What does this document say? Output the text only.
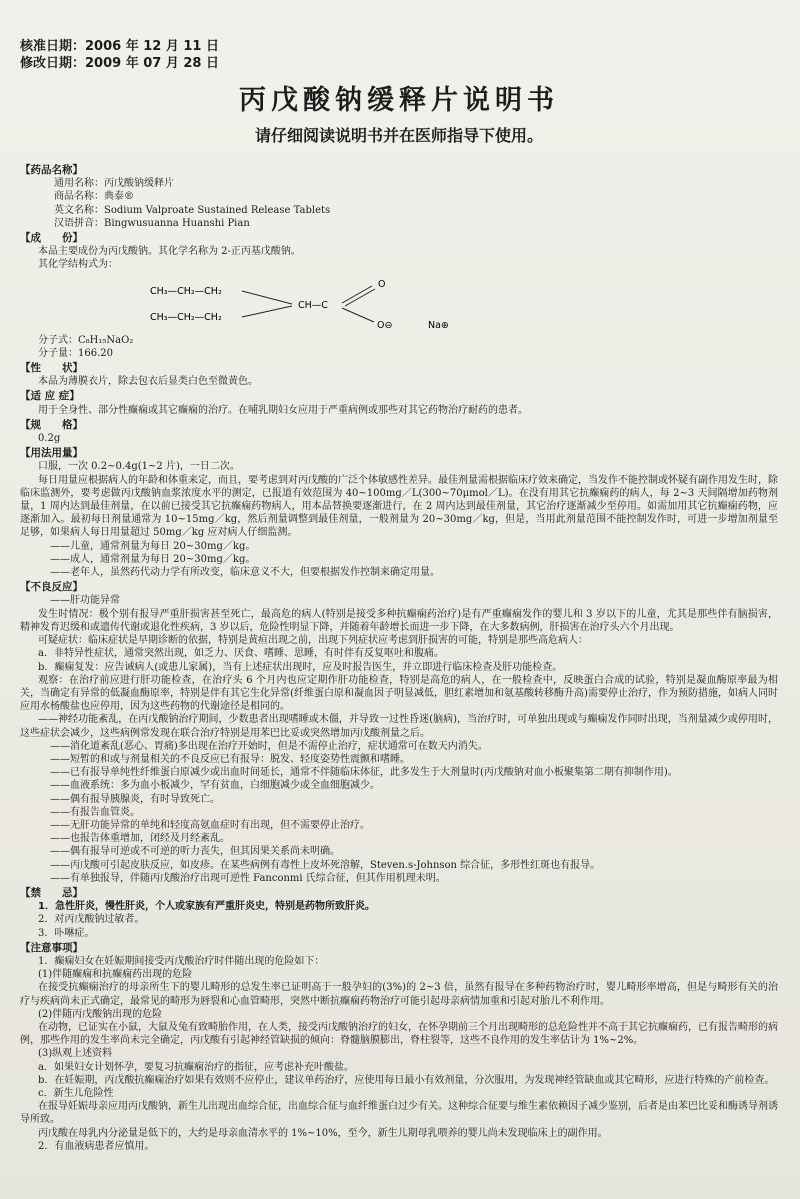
核准日期：2006 年 12 月 11 日
修改日期：2009 年 07 月 28 日
丙戊酸钠缓释片说明书
请仔细阅读说明书并在医师指导下使用。
【药品名称】
通用名称：丙戊酸钠缓释片
商品名称：典泰®
英文名称：Sodium Valproate Sustained Release Tablets
汉语拼音：Bingwusuanna Huanshi Pian
【成　　份】
本品主要成份为丙戊酸钠。其化学名称为 2-正丙基戊酸钠。
其化学结构式为：
CH₃—CH₂—CH₂
CH₃—CH₂—CH₂
CH—C
O
O⊖	Na⊕
分子式：C₈H₁₅NaO₂
分子量：166.20
【性　　状】
本品为薄膜衣片，除去包衣后显类白色至微黄色。
【适 应 症】
用于全身性、部分性癫痫或其它癫痫的治疗。在哺乳期妇女应用于严重病例或那些对其它药物治疗耐药的患者。
【规　　格】
0.2g
【用法用量】
口服，一次 0.2~0.4g(1~2 片)，一日二次。
每日用量应根据病人的年龄和体重来定，而且，要考虑到对丙戊酸的广泛个体敏感性差异。最佳剂量需根据临床疗效来确定，当发作不能控制或怀疑有副作用发生时，除临床监测外，要考虑做丙戊酸钠血浆浓度水平的测定，已报道有效范围为 40~100mg／L(300~70μmol／L)。在没有用其它抗癫痫药的病人，每 2~3 天间隔增加药物剂量，1 周内达到最佳剂量，在以前已接受其它抗癫痫药物病人，用本品替换要逐渐进行，在 2 周内达到最佳剂量，其它治疗逐渐减少至停用。如需加用其它抗癫痫药物，应逐渐加入。最初每日剂量通常为 10~15mg／kg，然后剂量调整到最佳剂量，一般剂量为 20~30mg／kg，但是，当用此剂量范围不能控制发作时，可进一步增加剂量至足够，如果病人每日用量超过 50mg／kg 应对病人仔细监测。
——儿童，通常剂量为每日 20~30mg／kg。
——成人，通常剂量为每日 20~30mg／kg。
——老年人，虽然药代动力学有所改变，临床意义不大，但要根据发作控制来确定用量。
【不良反应】
——肝功能异常
发生时情况：极个别有报导严重肝损害甚至死亡，最高危的病人(特别是接受多种抗癫痫药治疗)是有严重癫痫发作的婴儿和 3 岁以下的儿童，尤其是那些伴有脑损害，精神发育迟缓和或遗传代谢或退化性疾病，3 岁以后，危险性明显下降，并随着年龄增长而进一步下降，在大多数病例，肝损害在治疗头六个月出现。
可疑症状：临床症状是早期诊断的依据，特别是黄疸出现之前，出现下列症状应考虑到肝损害的可能，特别是那些高危病人：
a．非特异性症状，通常突然出现，如乏力、厌食、嗜睡、思睡，有时伴有反复呕吐和腹痛。
b．癫痫复发：应告诫病人(或患儿家属)，当有上述症状出现时，应及时报告医生，并立即进行临床检查及肝功能检查。
观察：在治疗前应进行肝功能检查，在治疗头 6 个月内也应定期作肝功能检查，特别是高危的病人，在一般检查中，反映蛋白合成的试验，特别是凝血酶原率最为相关，当确定有异常的低凝血酶原率，特别是伴有其它生化异常(纤维蛋白原和凝血因子明显减低，胆红素增加和氨基酸转移酶升高)需要停止治疗，作为预防措施，如病人同时应用水杨酸盐也应停用，因为这些药物的代谢途径是相同的。
——神经功能紊乱，在丙戊酸钠治疗期间，少数患者出现嗜睡或木僵，并导致一过性昏迷(脑病)，当治疗时，可单独出现或与癫痫发作同时出现，当剂量减少或停用时，这些症状会减少，这些病例常发现在联合治疗特别是用苯巴比妥或突然增加丙戊酸剂量之后。
——消化道紊乱(恶心、胃痛)多出现在治疗开始时，但是不需停止治疗，症状通常可在数天内消失。
——短暂的和或与剂量相关的不良反应已有报导：脱发、轻度姿势性震颤和嗜睡。
——已有报导单纯性纤维蛋白原减少或出血时间延长，通常不伴随临床体征，此多发生于大剂量时(丙戊酸钠对血小板聚集第二期有抑制作用)。
——血液系统：多为血小板减少，罕有贫血，白细胞减少或全血细胞减少。
——偶有报导胰腺炎，有时导致死亡。
——有报告血管炎。
——无肝功能异常的单纯和轻度高氨血症时有出现，但不需要停止治疗。
——也报告体重增加，闭经及月经紊乱。
——偶有报导可逆或不可逆的听力丧失，但其因果关系尚未明确。
——丙戊酸可引起皮肤反应，如皮疹。在某些病例有毒性上皮坏死溶解，Steven.s-Johnson 综合征，多形性红斑也有报导。
——有单独报导，伴随丙戊酸治疗出现可逆性 Fanconmi 氏综合征，但其作用机理未明。
【禁　　忌】
1．急性肝炎，慢性肝炎，个人或家族有严重肝炎史，特别是药物所致肝炎。
2．对丙戊酸钠过敏者。
3．卟啉症。
【注意事项】
1．癫痫妇女在妊娠期间接受丙戊酸治疗时伴随出现的危险如下：
(1)伴随癫痫和抗癫痫药出现的危险
在接受抗癫痫治疗的母亲所生下的婴儿畸形的总发生率已证明高于一般孕妇的(3%)的 2~3 倍，虽然有报导在多种药物治疗时，婴儿畸形率增高，但是与畸形有关的治疗与疾病尚未正式确定，最常见的畸形为唇裂和心血管畸形，突然中断抗癫痫药物治疗可能引起母亲病情加重和引起对胎儿不利作用。
(2)伴随丙戊酸钠出现的危险
在动物，已证实在小鼠，大鼠及兔有致畸胎作用，在人类，接受丙戊酸钠治疗的妇女，在怀孕期前三个月出现畸形的总危险性并不高于其它抗癫痫药，已有报告畸形的病例，那些作用的发生率尚未完全确定，丙戊酸有引起神经管缺损的倾向：脊髓脑膜膨出，脊柱裂等，这些不良作用的发生率估计为 1%~2%。
(3)纵观上述资料
a．如果妇女计划怀孕，要复习抗癫痫治疗的指征，应考虑补充叶酸盐。
b．在妊娠期，丙戊酸抗癫痫治疗如果有效则不应停止，建议单药治疗，应使用每日最小有效剂量，分次服用，为发现神经管缺血或其它畸形，应进行特殊的产前检查。
c．新生儿危险性
在报导妊娠母亲应用丙戊酸钠，新生儿出现出血综合征，出血综合征与血纤维蛋白过少有关。这种综合征要与维生素依赖因子减少鉴别，后者是由苯巴比妥和酶诱导剂诱导所致。
丙戊酸在母乳内分泌量是低下的，大约是母亲血清水平的 1%~10%，至今，新生儿期母乳喂养的婴儿尚未发现临床上的副作用。
2．有血液病患者应慎用。
